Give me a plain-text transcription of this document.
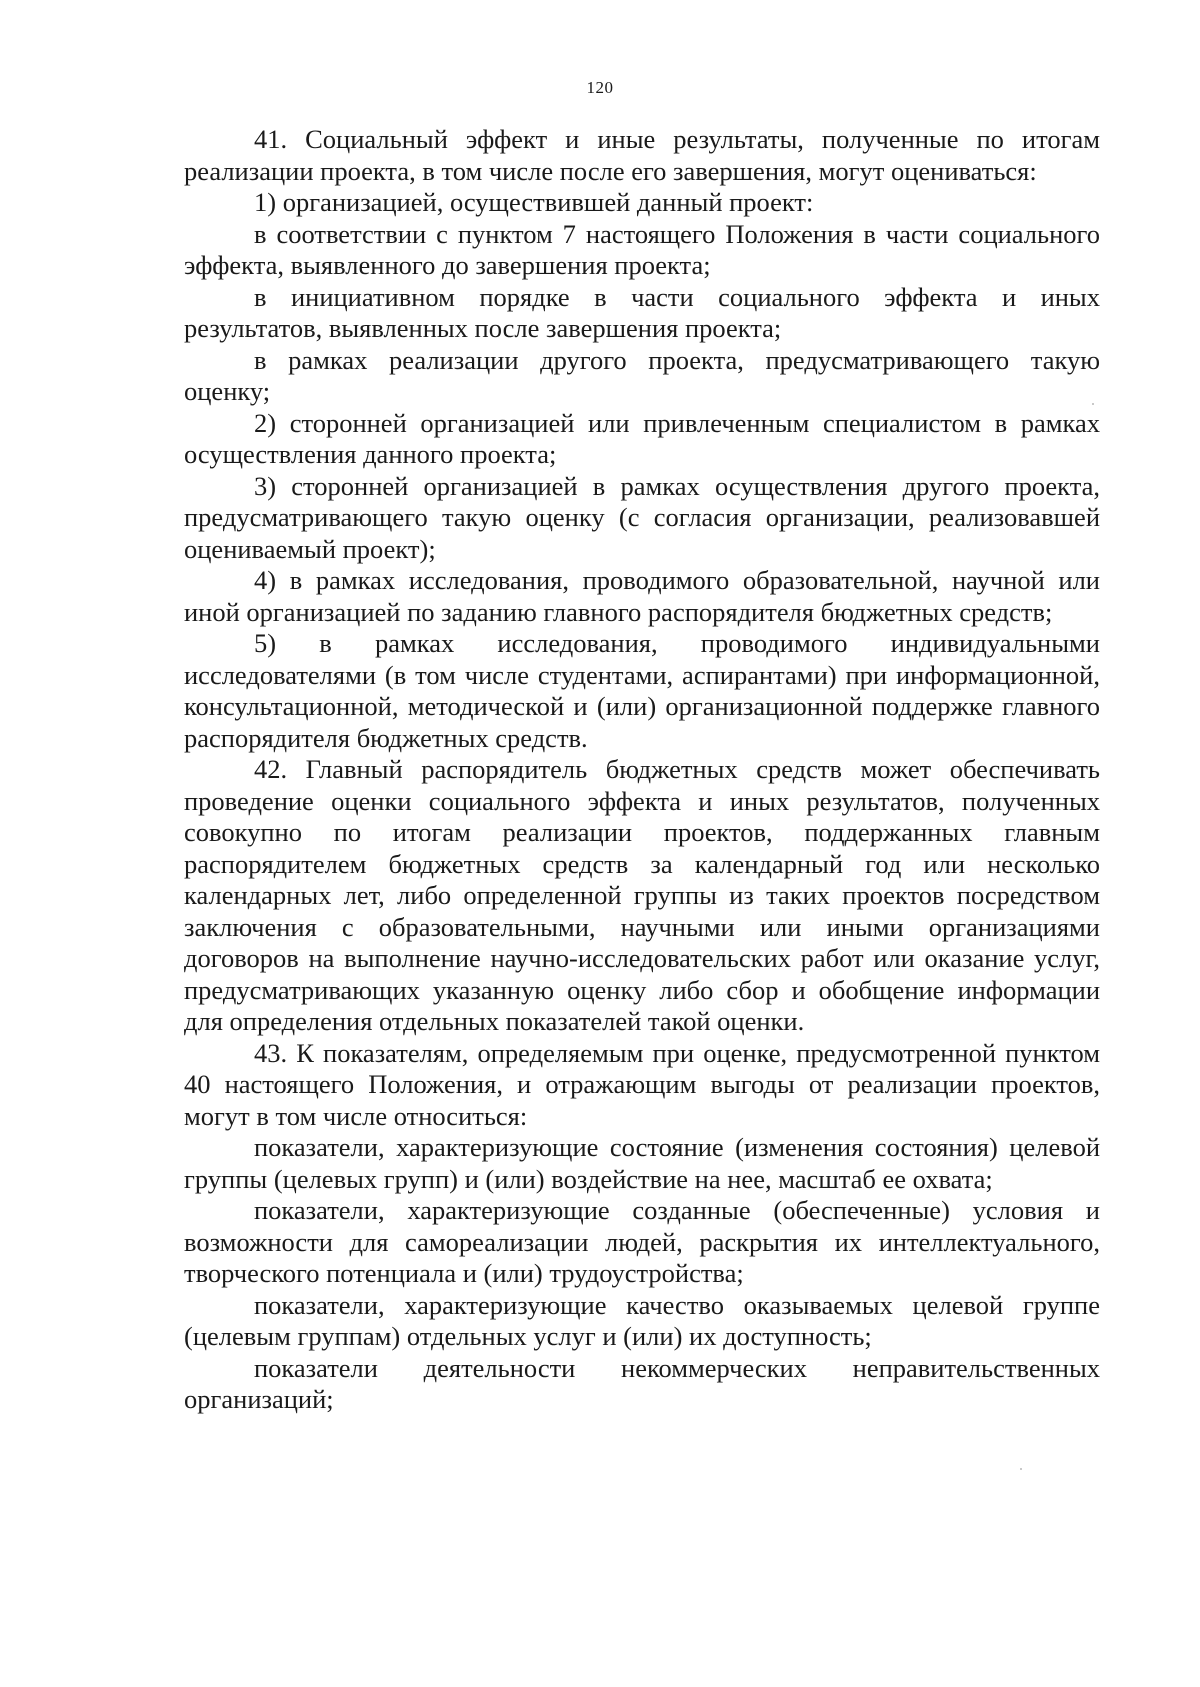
120

41. Социальный эффект и иные результаты, полученные по итогам реализации проекта, в том числе после его завершения, могут оцениваться:

1) организацией, осуществившей данный проект:

в соответствии с пунктом 7 настоящего Положения в части социального эффекта, выявленного до завершения проекта;

в инициативном порядке в части социального эффекта и иных результатов, выявленных после завершения проекта;

в рамках реализации другого проекта, предусматривающего такую оценку;

2) сторонней организацией или привлеченным специалистом в рамках осуществления данного проекта;

3) сторонней организацией в рамках осуществления другого проекта, предусматривающего такую оценку (с согласия организации, реализовавшей оцениваемый проект);

4) в рамках исследования, проводимого образовательной, научной или иной организацией по заданию главного распорядителя бюджетных средств;

5) в рамках исследования, проводимого индивидуальными исследователями (в том числе студентами, аспирантами) при информационной, консультационной, методической и (или) организационной поддержке главного распорядителя бюджетных средств.

42. Главный распорядитель бюджетных средств может обеспечивать проведение оценки социального эффекта и иных результатов, полученных совокупно по итогам реализации проектов, поддержанных главным распорядителем бюджетных средств за календарный год или несколько календарных лет, либо определенной группы из таких проектов посредством заключения с образовательными, научными или иными организациями договоров на выполнение научно-исследовательских работ или оказание услуг, предусматривающих указанную оценку либо сбор и обобщение информации для определения отдельных показателей такой оценки.

43. К показателям, определяемым при оценке, предусмотренной пунктом 40 настоящего Положения, и отражающим выгоды от реализации проектов, могут в том числе относиться:

показатели, характеризующие состояние (изменения состояния) целевой группы (целевых групп) и (или) воздействие на нее, масштаб ее охвата;

показатели, характеризующие созданные (обеспеченные) условия и возможности для самореализации людей, раскрытия их интеллектуального, творческого потенциала и (или) трудоустройства;

показатели, характеризующие качество оказываемых целевой группе (целевым группам) отдельных услуг и (или) их доступность;

показатели деятельности некоммерческих неправительственных организаций;
